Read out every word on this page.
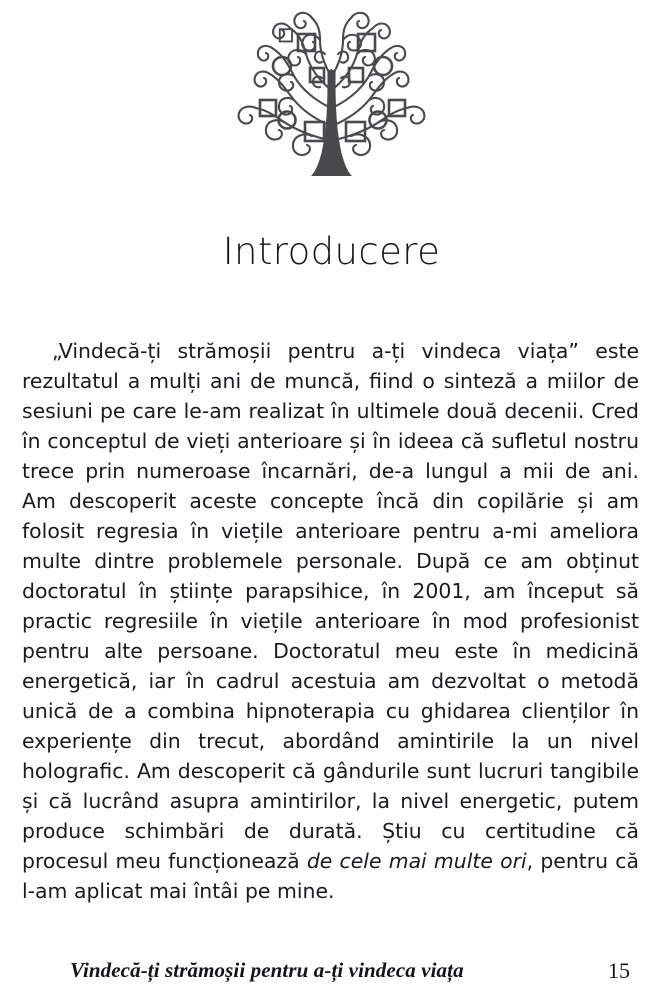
Introducere

„Vindecă-ți strămoșii pentru a-ți vindeca viața” este rezultatul a mulți ani de muncă, fiind o sinteză a miilor de sesiuni pe care le-am realizat în ultimele două decenii. Cred în conceptul de vieți anterioare și în ideea că sufletul nostru trece prin numeroase încarnări, de-a lungul a mii de ani. Am descoperit aceste concepte încă din copilărie și am folosit regresia în viețile anterioare pentru a-mi ameliora multe dintre problemele personale. După ce am obținut doctoratul în științe parapsihice, în 2001, am început să practic regresiile în viețile anterioare în mod profesionist pentru alte persoane. Doctoratul meu este în medicină energetică, iar în cadrul acestuia am dezvoltat o metodă unică de a combina hipnoterapia cu ghidarea clienților în experiențe din trecut, abordând amintirile la un nivel holografic. Am descoperit că gândurile sunt lucruri tangibile și că lucrând asupra amintirilor, la nivel energetic, putem produce schimbări de durată. Știu cu certitudine că procesul meu funcționează de cele mai multe ori, pentru că l-am aplicat mai întâi pe mine.

Vindecă-ți strămoșii pentru a-ți vindeca viața	15
